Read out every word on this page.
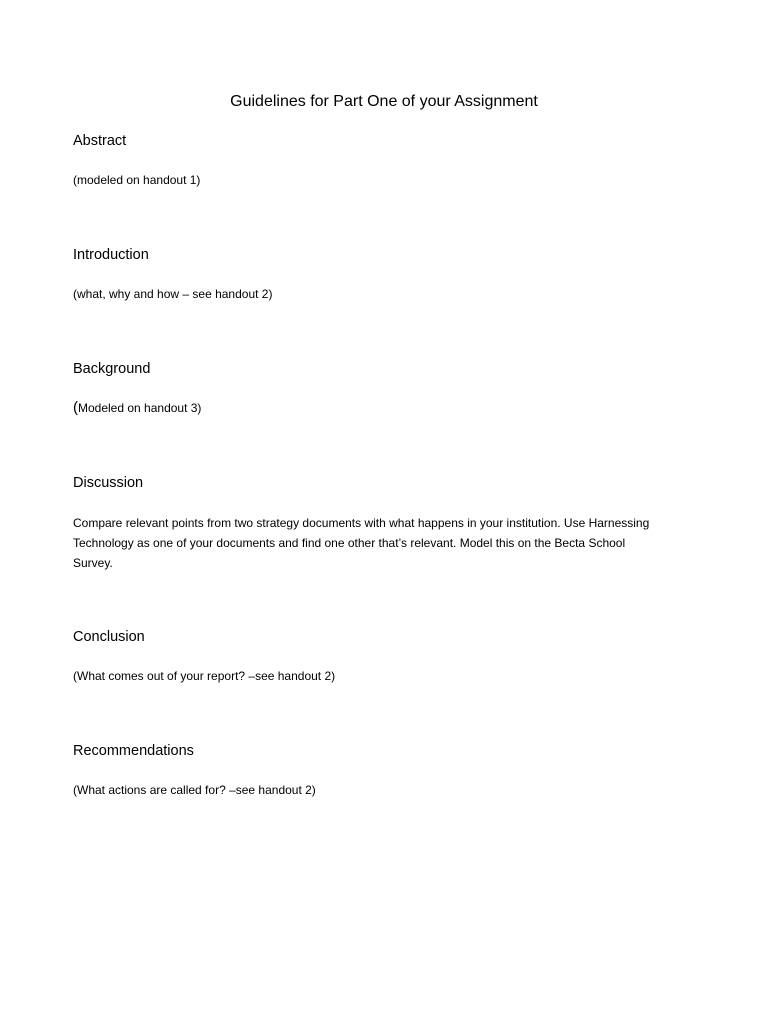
Guidelines for Part One of your Assignment
Abstract

(modeled on handout 1)

Introduction

(what, why and how – see handout 2)

Background

(Modeled on handout 3)

Discussion
Compare relevant points from two strategy documents with what happens in your institution. Use Harnessing
Technology as one of your documents and find one other that’s relevant. Model this on the Becta School
Survey.
Conclusion

(What comes out of your report? –see handout 2)

Recommendations

(What actions are called for? –see handout 2)
